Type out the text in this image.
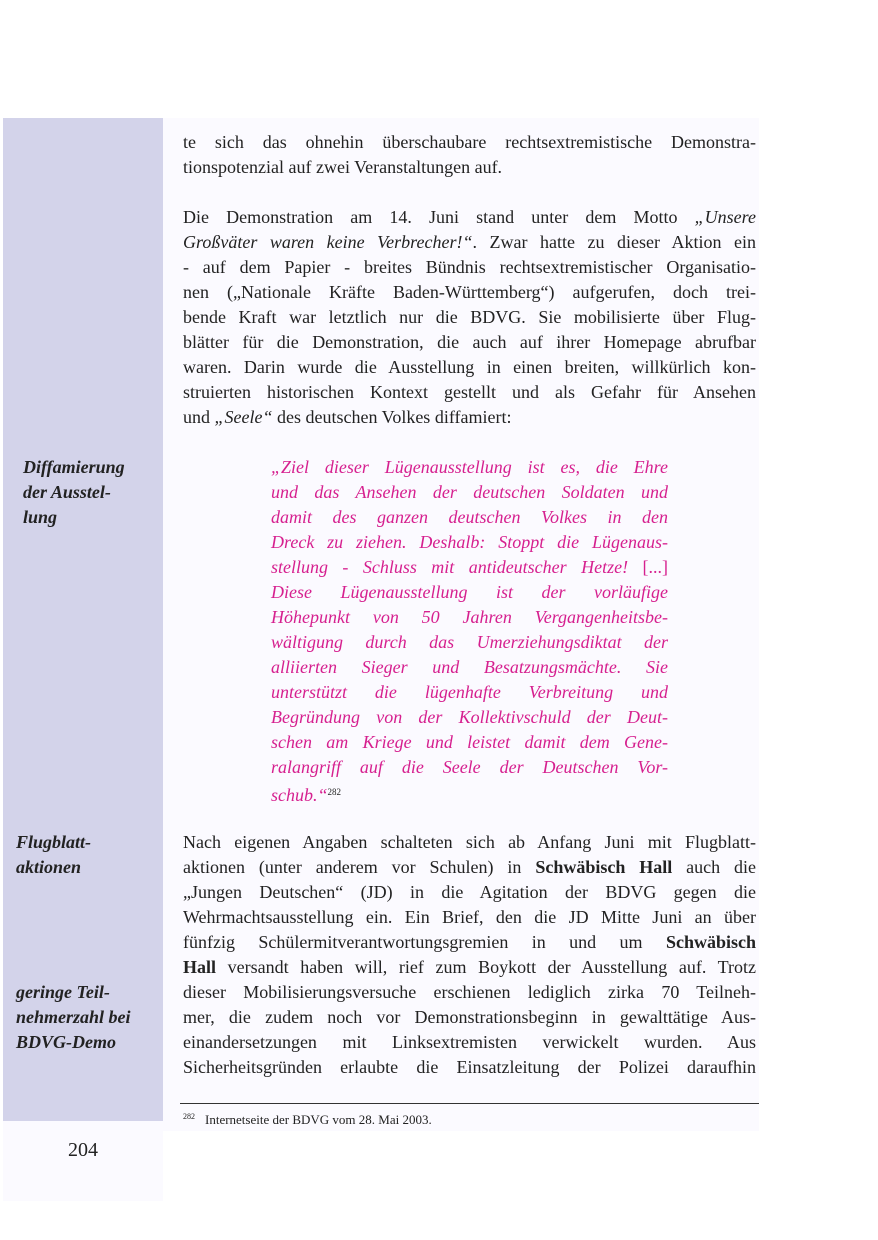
204
Diffamierung
der Ausstel-
lung
Flugblatt-
aktionen
geringe Teil-
nehmerzahl bei
BDVG-Demo
te sich das ohnehin überschaubare rechtsextremistische Demonstra-
tionspotenzial auf zwei Veranstaltungen auf.
Die Demonstration am 14. Juni stand unter dem Motto „Unsere
Großväter waren keine Verbrecher!“. Zwar hatte zu dieser Aktion ein
- auf dem Papier - breites Bündnis rechtsextremistischer Organisatio-
nen („Nationale Kräfte Baden-Württemberg“) aufgerufen, doch trei-
bende Kraft war letztlich nur die BDVG. Sie mobilisierte über Flug-
blätter für die Demonstration, die auch auf ihrer Homepage abrufbar
waren. Darin wurde die Ausstellung in einen breiten, willkürlich kon-
struierten historischen Kontext gestellt und als Gefahr für Ansehen
und „Seele“ des deutschen Volkes diffamiert:
„Ziel dieser Lügenausstellung ist es, die Ehre
und das Ansehen der deutschen Soldaten und
damit des ganzen deutschen Volkes in den
Dreck zu ziehen. Deshalb: Stoppt die Lügenaus-
stellung - Schluss mit antideutscher Hetze! [...]
Diese Lügenausstellung ist der vorläufige
Höhepunkt von 50 Jahren Vergangenheitsbe-
wältigung durch das Umerziehungsdiktat der
alliierten Sieger und Besatzungsmächte. Sie
unterstützt die lügenhafte Verbreitung und
Begründung von der Kollektivschuld der Deut-
schen am Kriege und leistet damit dem Gene-
ralangriff auf die Seele der Deutschen Vor-
schub.“$^{282}$
Nach eigenen Angaben schalteten sich ab Anfang Juni mit Flugblatt-
aktionen (unter anderem vor Schulen) in Schwäbisch Hall auch die
„Jungen Deutschen“ (JD) in die Agitation der BDVG gegen die
Wehrmachtsausstellung ein. Ein Brief, den die JD Mitte Juni an über
fünfzig Schülermitverantwortungsgremien in und um Schwäbisch
Hall versandt haben will, rief zum Boykott der Ausstellung auf. Trotz
dieser Mobilisierungsversuche erschienen lediglich zirka 70 Teilneh-
mer, die zudem noch vor Demonstrationsbeginn in gewalttätige Aus-
einandersetzungen mit Linksextremisten verwickelt wurden. Aus
Sicherheitsgründen erlaubte die Einsatzleitung der Polizei daraufhin
$^{282}$ Internetseite der BDVG vom 28. Mai 2003.
